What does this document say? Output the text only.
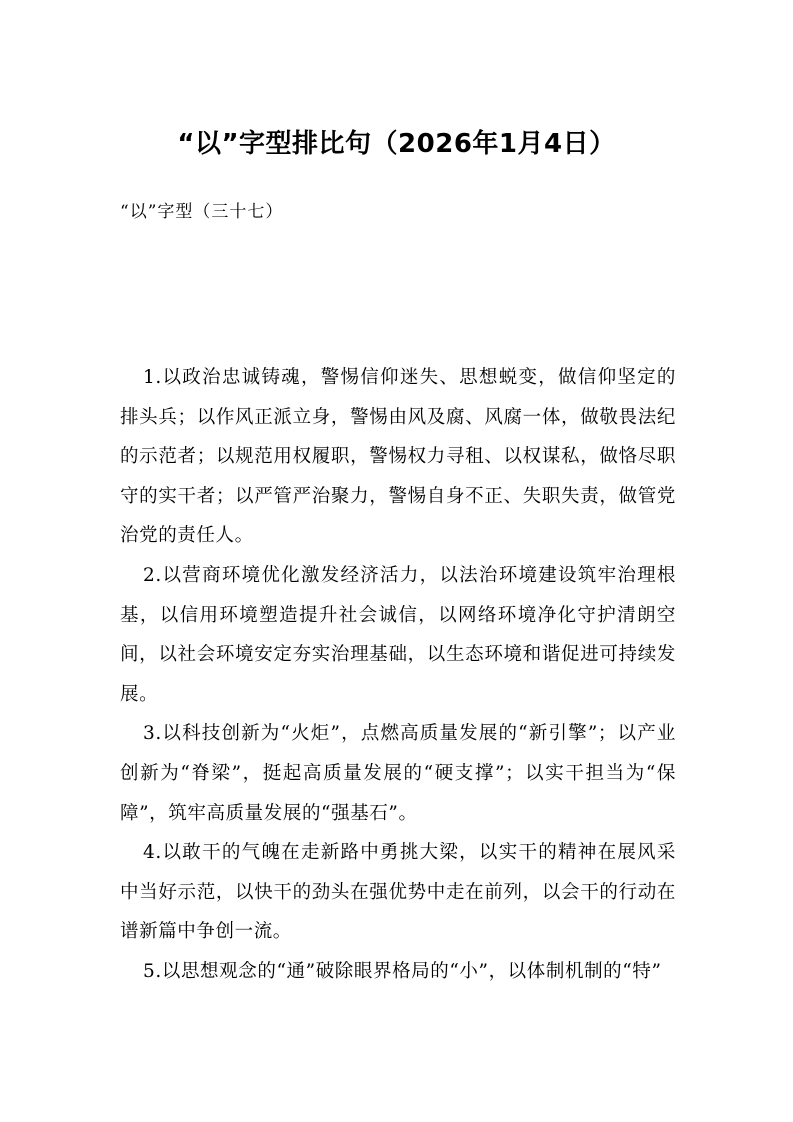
“以”字型排比句（2026年1月4日）
“以”字型（三十七）

1.以政治忠诚铸魂，警惕信仰迷失、思想蜕变，做信仰坚定的排头兵；以作风正派立身，警惕由风及腐、风腐一体，做敬畏法纪的示范者；以规范用权履职，警惕权力寻租、以权谋私，做恪尽职守的实干者；以严管严治聚力，警惕自身不正、失职失责，做管党治党的责任人。

2.以营商环境优化激发经济活力，以法治环境建设筑牢治理根基，以信用环境塑造提升社会诚信，以网络环境净化守护清朗空间，以社会环境安定夯实治理基础，以生态环境和谐促进可持续发展。

3.以科技创新为“火炬”，点燃高质量发展的“新引擎”；以产业创新为“脊梁”，挺起高质量发展的“硬支撑”；以实干担当为“保障”，筑牢高质量发展的“强基石”。

4.以敢干的气魄在走新路中勇挑大梁，以实干的精神在展风采中当好示范，以快干的劲头在强优势中走在前列，以会干的行动在谱新篇中争创一流。

5.以思想观念的“通”破除眼界格局的“小”，以体制机制的“特”
